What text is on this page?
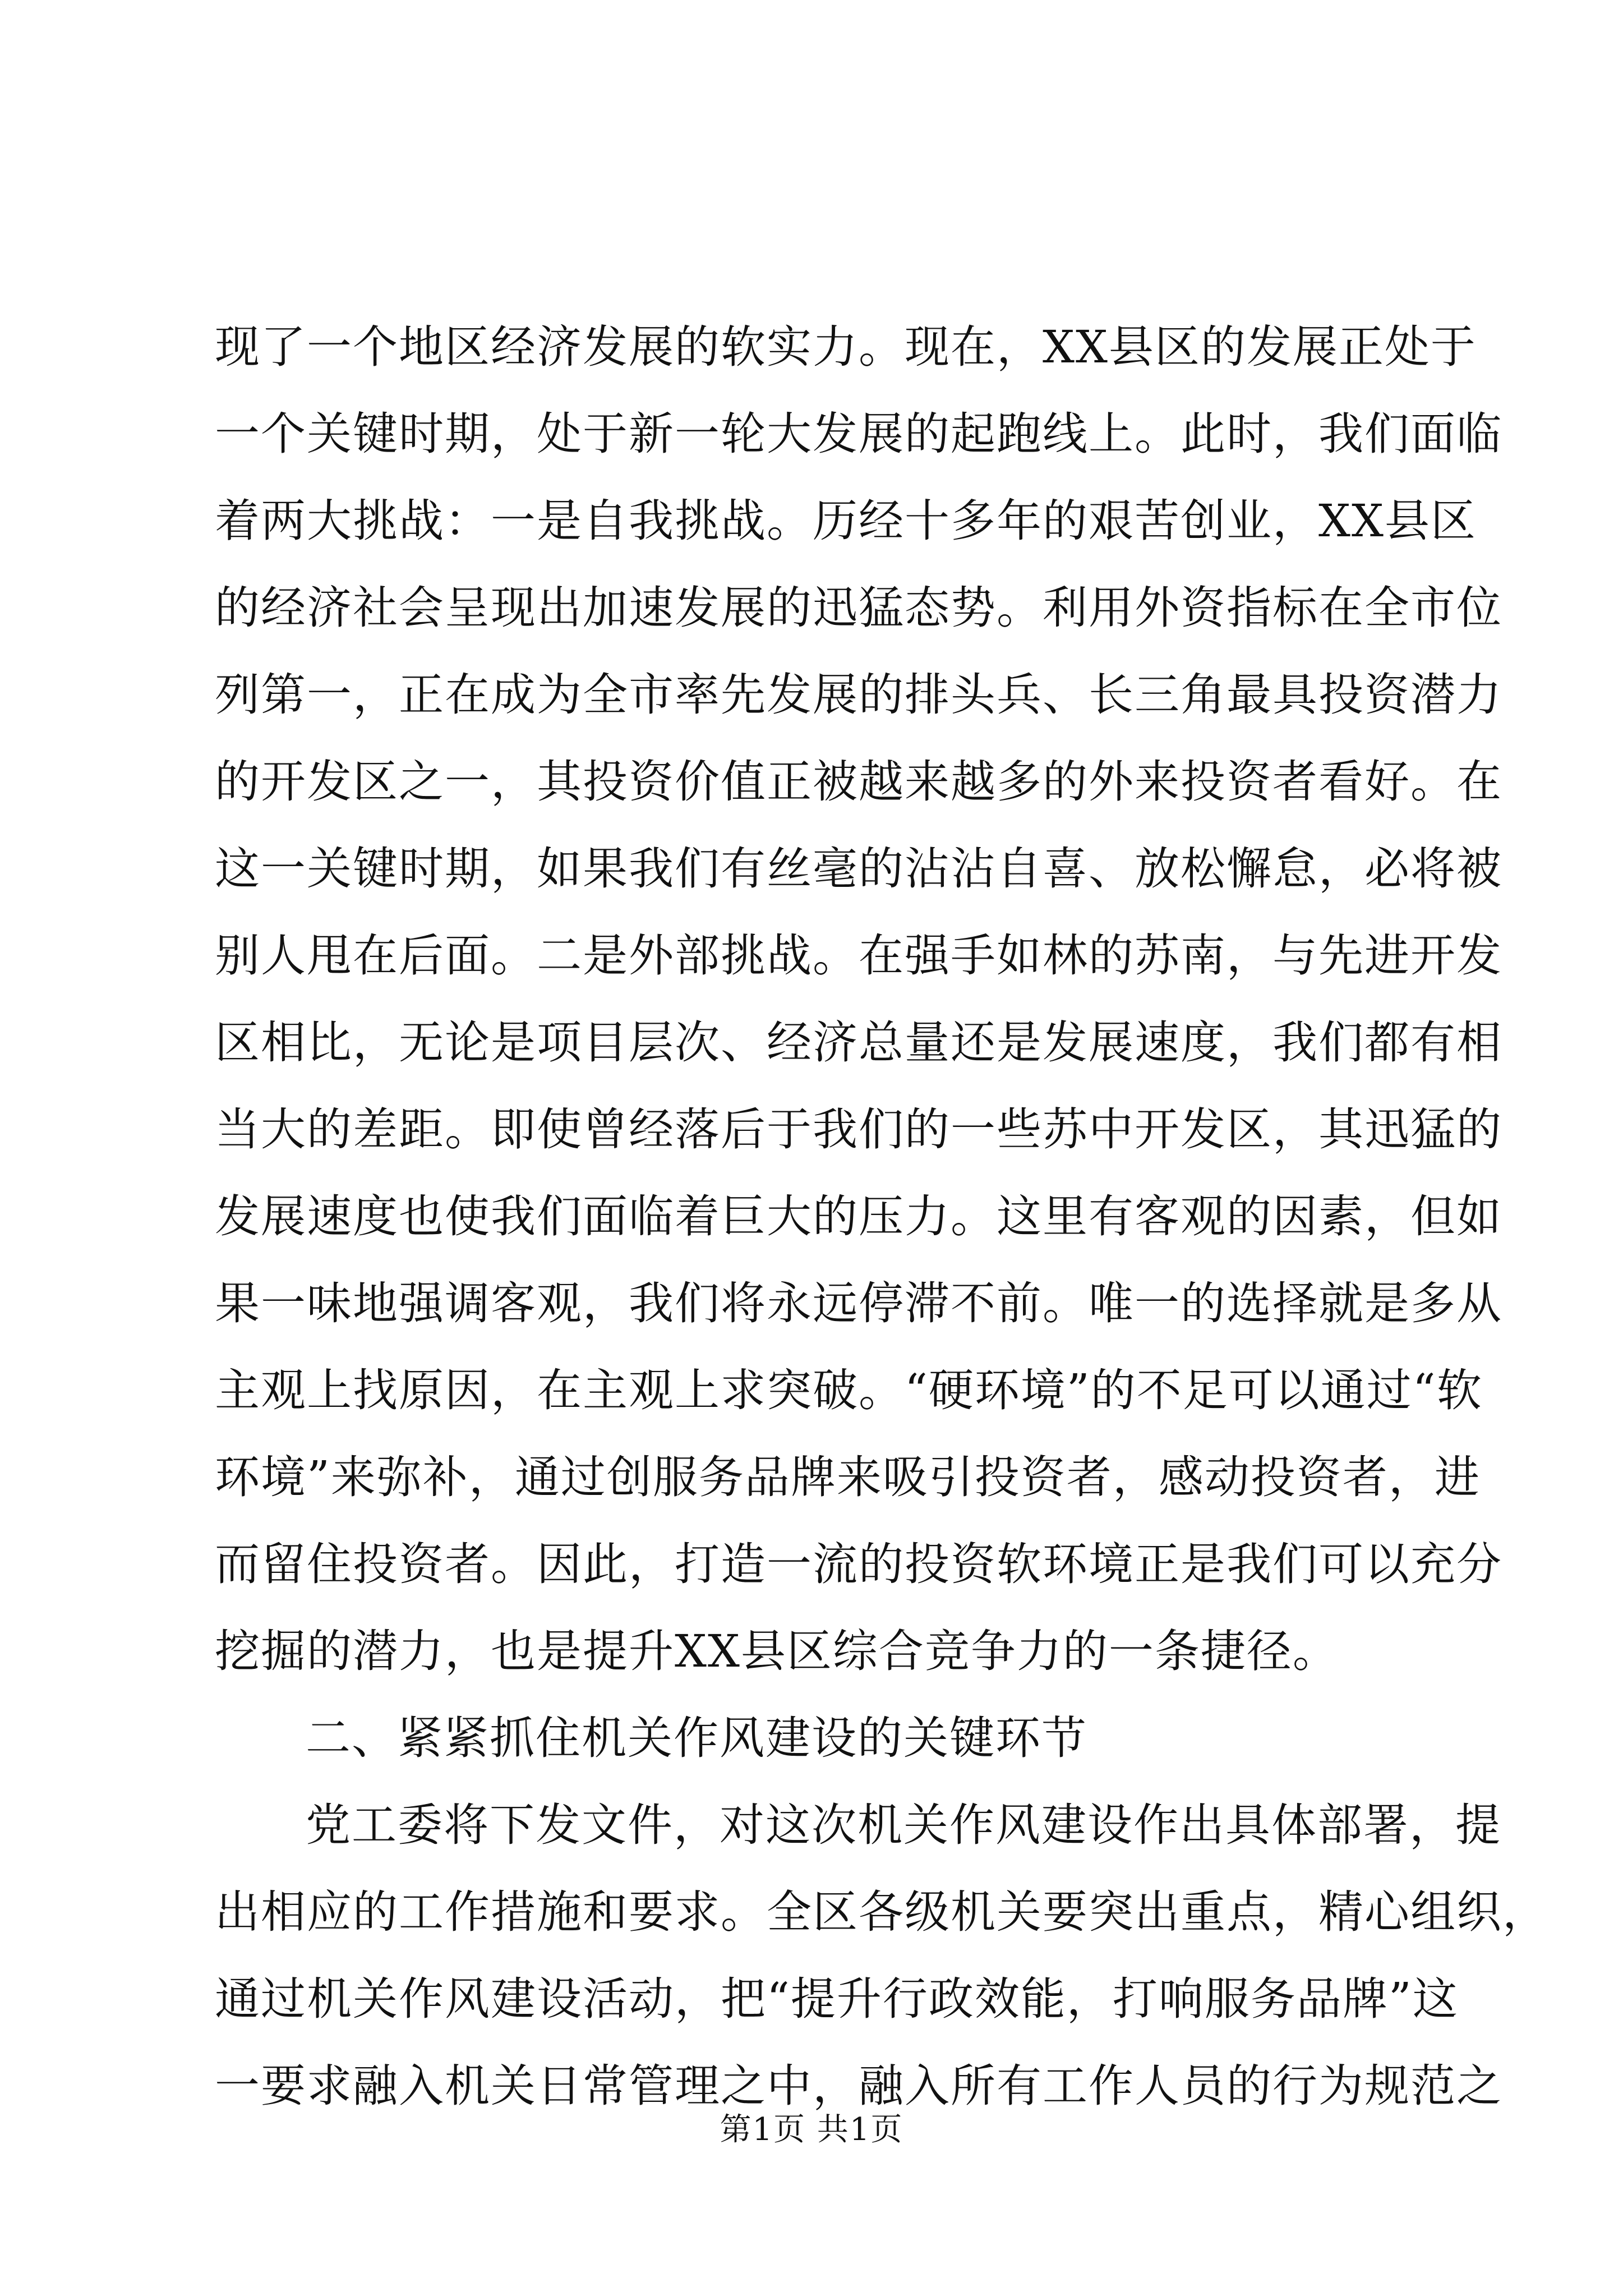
现了一个地区经济发展的软实力。现在，XX县区的发展正处于
一个关键时期，处于新一轮大发展的起跑线上。此时，我们面临
着两大挑战：一是自我挑战。历经十多年的艰苦创业，XX县区
的经济社会呈现出加速发展的迅猛态势。利用外资指标在全市位
列第一，正在成为全市率先发展的排头兵、长三角最具投资潜力
的开发区之一，其投资价值正被越来越多的外来投资者看好。在
这一关键时期，如果我们有丝毫的沾沾自喜、放松懈怠，必将被
别人甩在后面。二是外部挑战。在强手如林的苏南，与先进开发
区相比，无论是项目层次、经济总量还是发展速度，我们都有相
当大的差距。即使曾经落后于我们的一些苏中开发区，其迅猛的
发展速度也使我们面临着巨大的压力。这里有客观的因素，但如
果一味地强调客观，我们将永远停滞不前。唯一的选择就是多从
主观上找原因，在主观上求突破。“硬环境”的不足可以通过“软
环境”来弥补，通过创服务品牌来吸引投资者，感动投资者，进
而留住投资者。因此，打造一流的投资软环境正是我们可以充分
挖掘的潜力，也是提升XX县区综合竞争力的一条捷径。
二、紧紧抓住机关作风建设的关键环节
党工委将下发文件，对这次机关作风建设作出具体部署，提
出相应的工作措施和要求。全区各级机关要突出重点，精心组织，
通过机关作风建设活动，把“提升行政效能，打响服务品牌”这
一要求融入机关日常管理之中，融入所有工作人员的行为规范之
第1页 共1页
